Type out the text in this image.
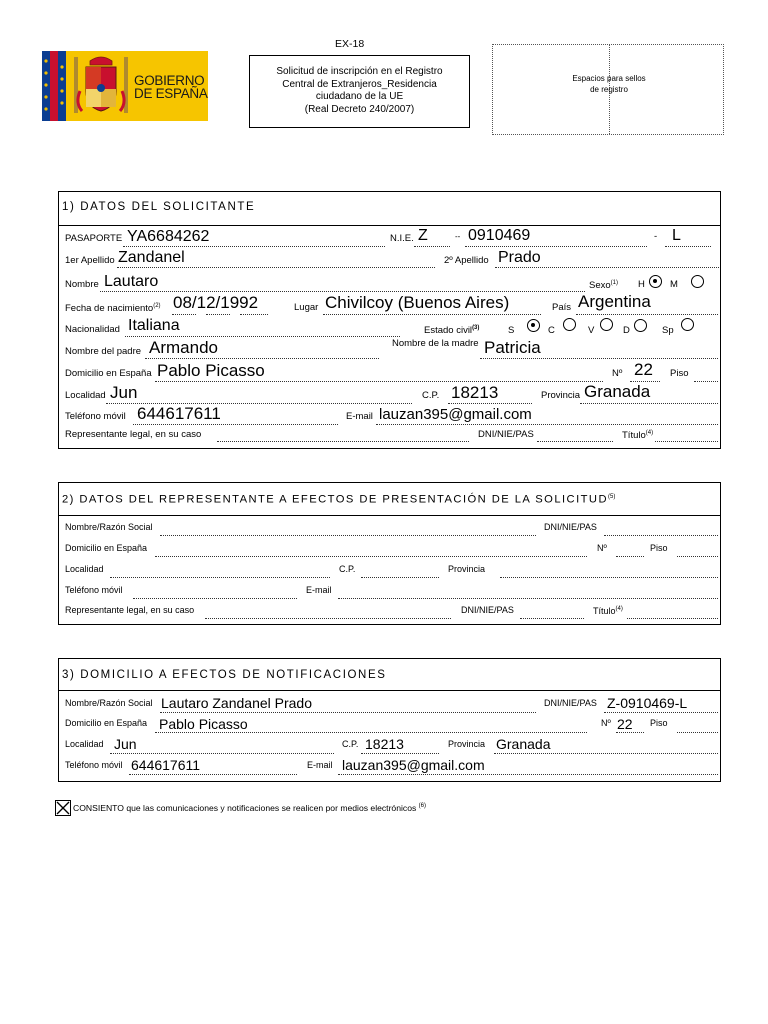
GOBIERNO
DE ESPAÑA
EX-18
Solicitud de inscripción en el Registro
Central de Extranjeros_Residencia
ciudadano de la UE
(Real Decreto 240/2007)
Espacios para sellos
de registro
1) DATOS DEL SOLICITANTE
PASAPORTE YA6684262	N.I.E. Z	-- 0910469	- L
1er Apellido Zandanel	2º Apellido Prado
Nombre Lautaro	Sexo$^{(1)}$ H	M
Fecha de nacimiento$^{(2)}$ 08/12/1992	Lugar Chivilcoy (Buenos Aires)	País Argentina
Nacionalidad Italiana	Estado civil$^{(3)}$	S	C	V	D	Sp
Nombre del padre Armando	Nombre de la madre Patricia
Domicilio en España Pablo Picasso	Nº 22 Piso
Localidad Jun	C.P. 18213	Provincia Granada
Teléfono móvil 644617611	E-mail lauzan395@gmail.com
Representante legal, en su caso	DNI/NIE/PAS	Título$^{(4)}$
2) DATOS DEL REPRESENTANTE A EFECTOS DE PRESENTACIÓN DE LA SOLICITUD$^{(5)}$
Nombre/Razón Social	DNI/NIE/PAS
Domicilio en España	Nº	Piso
Localidad	C.P.	Provincia
Teléfono móvil	E-mail
Representante legal, en su caso	DNI/NIE/PAS	Título$^{(4)}$
3) DOMICILIO A EFECTOS DE NOTIFICACIONES
Nombre/Razón Social Lautaro Zandanel Prado	DNI/NIE/PAS Z-0910469-L
Domicilio en España Pablo Picasso	Nº 22 Piso
Localidad Jun	C.P. 18213	Provincia Granada
Teléfono móvil 644617611	E-mail lauzan395@gmail.com
CONSIENTO que las comunicaciones y notificaciones se realicen por medios electrónicos $^{(6)}$
